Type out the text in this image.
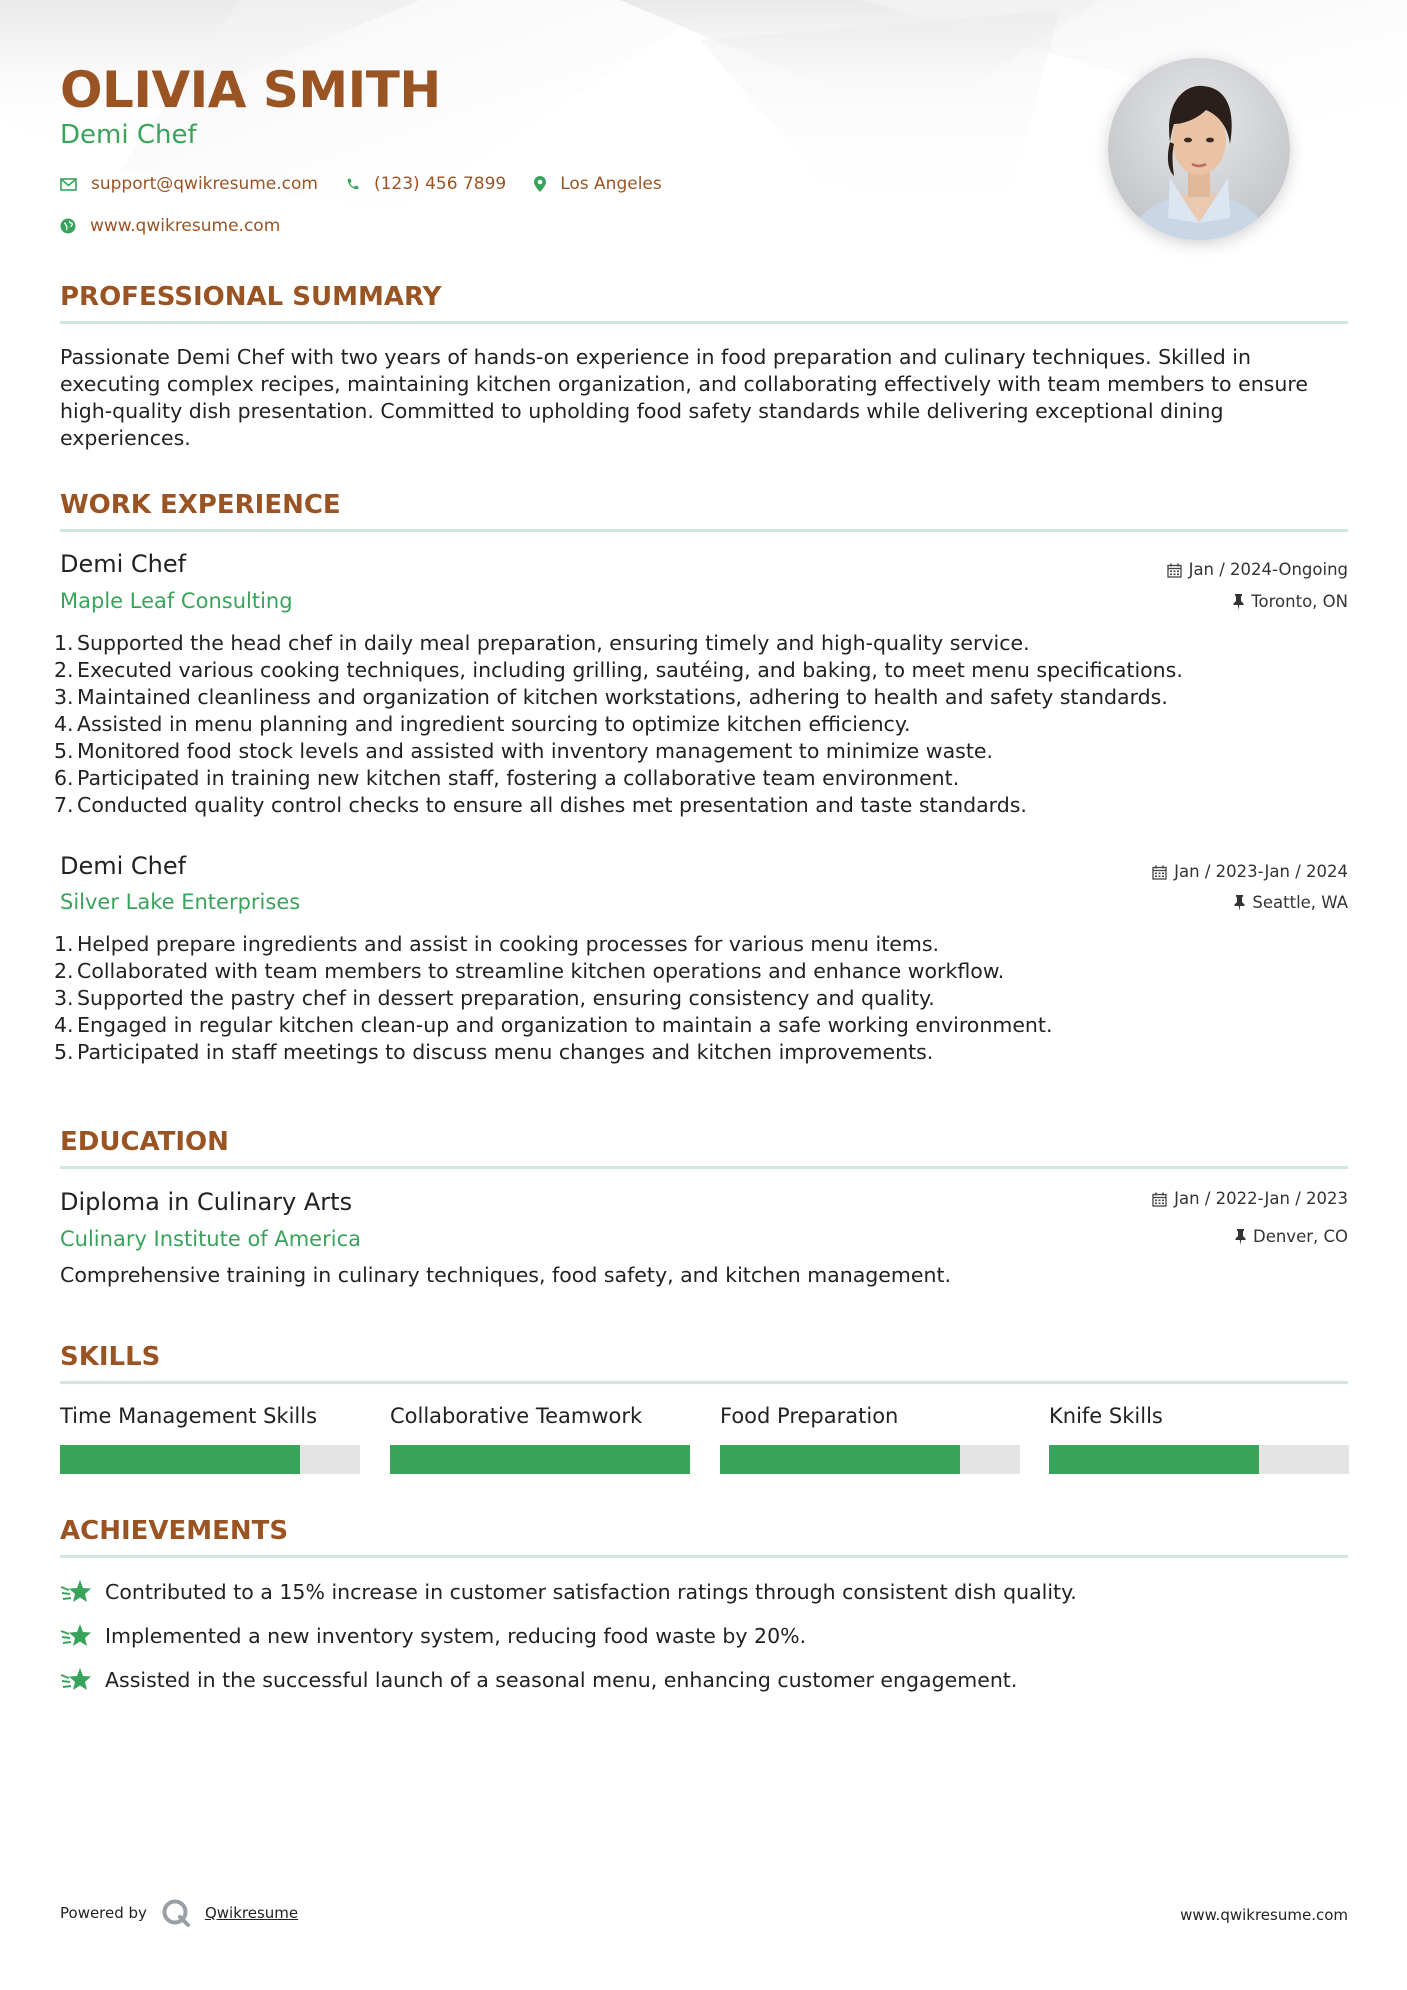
OLIVIA SMITH
Demi Chef
support@qwikresume.com	(123) 456 7899	Los Angeles
www.qwikresume.com
PROFESSIONAL SUMMARY

Passionate Demi Chef with two years of hands-on experience in food preparation and culinary techniques. Skilled in executing complex recipes, maintaining kitchen organization, and collaborating effectively with team members to ensure high-quality dish presentation. Committed to upholding food safety standards while delivering exceptional dining experiences.

WORK EXPERIENCE
Demi Chef	Jan / 2024-Ongoing
Maple Leaf Consulting	Toronto, ON
1. Supported the head chef in daily meal preparation, ensuring timely and high-quality service.
2. Executed various cooking techniques, including grilling, sautéing, and baking, to meet menu specifications.
3. Maintained cleanliness and organization of kitchen workstations, adhering to health and safety standards.
4. Assisted in menu planning and ingredient sourcing to optimize kitchen efficiency.
5. Monitored food stock levels and assisted with inventory management to minimize waste.
6. Participated in training new kitchen staff, fostering a collaborative team environment.
7. Conducted quality control checks to ensure all dishes met presentation and taste standards.
Demi Chef	Jan / 2023-Jan / 2024
Silver Lake Enterprises	Seattle, WA
1. Helped prepare ingredients and assist in cooking processes for various menu items.
2. Collaborated with team members to streamline kitchen operations and enhance workflow.
3. Supported the pastry chef in dessert preparation, ensuring consistency and quality.
4. Engaged in regular kitchen clean-up and organization to maintain a safe working environment.
5. Participated in staff meetings to discuss menu changes and kitchen improvements.
EDUCATION
Diploma in Culinary Arts	Jan / 2022-Jan / 2023
Culinary Institute of America	Denver, CO

Comprehensive training in culinary techniques, food safety, and kitchen management.

SKILLS
Time Management Skills	Collaborative Teamwork	Food Preparation	Knife Skills
ACHIEVEMENTS
Contributed to a 15% increase in customer satisfaction ratings through consistent dish quality.
Implemented a new inventory system, reducing food waste by 20%.
Assisted in the successful launch of a seasonal menu, enhancing customer engagement.
Powered by	Qwikresume	www.qwikresume.com
